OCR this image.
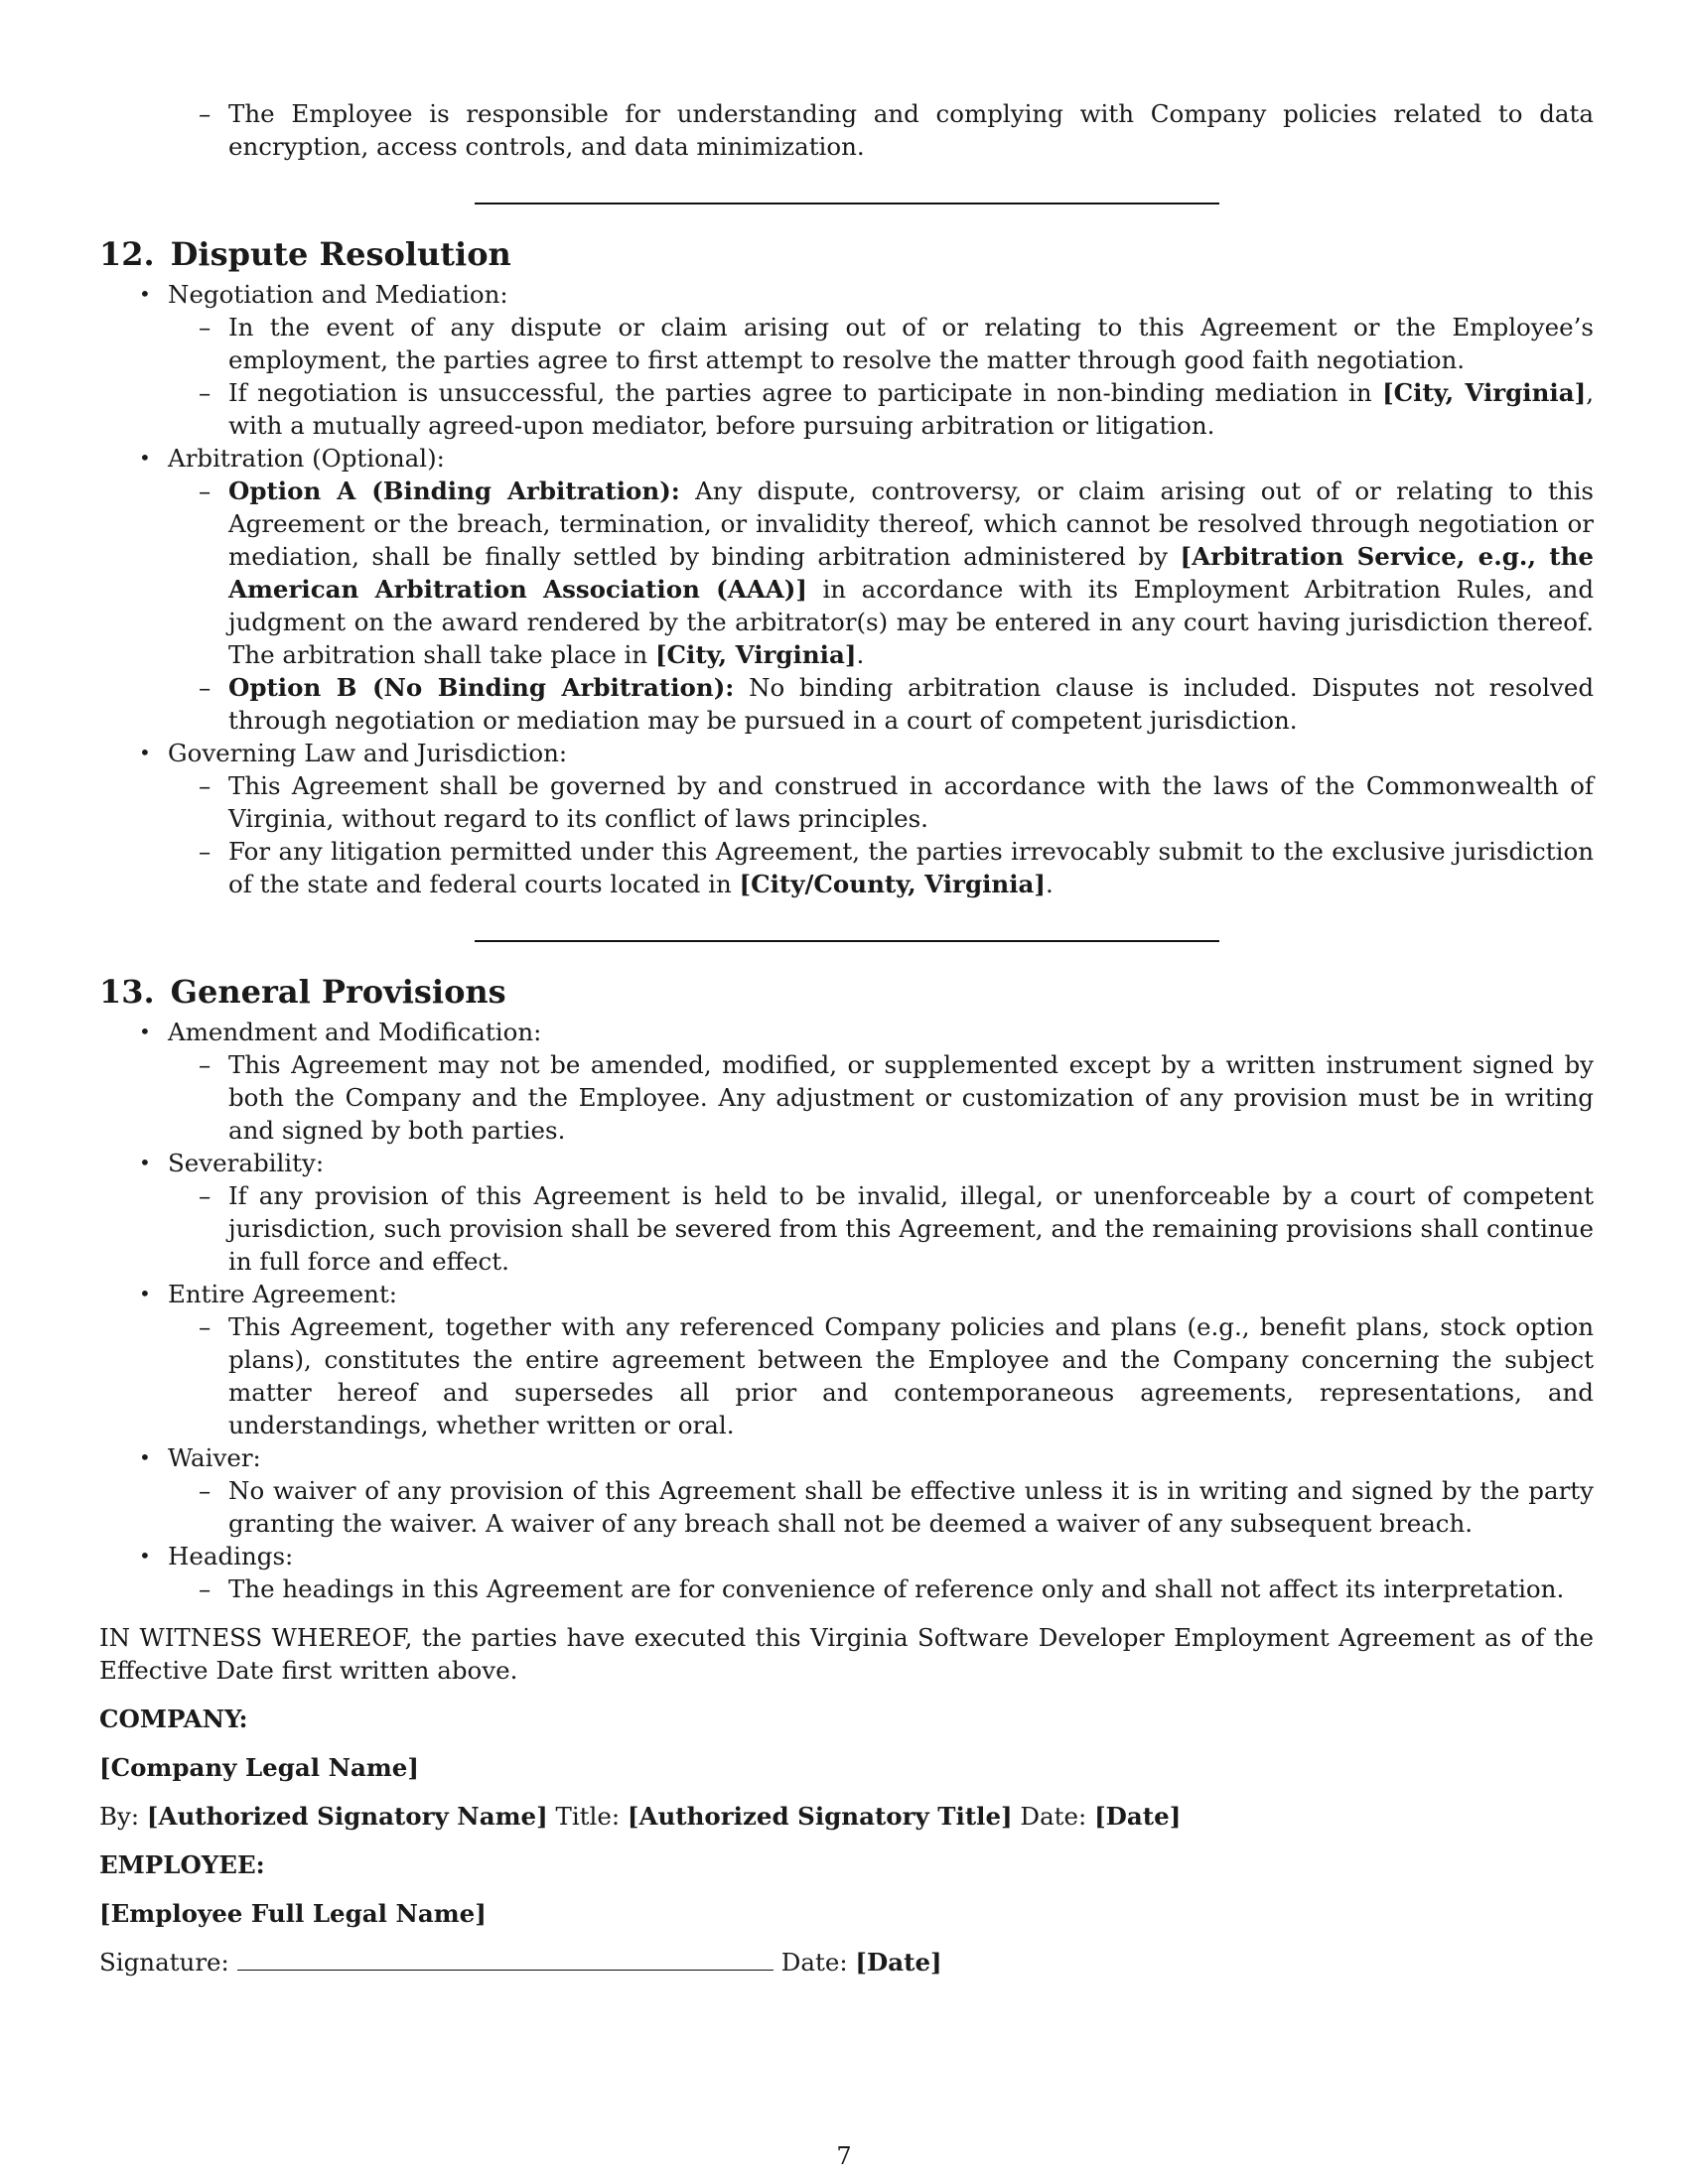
– The Employee is responsible for understanding and complying with Company policies related to data encryption, access controls, and data minimization.
12. Dispute Resolution
• Negotiation and Mediation:
– In the event of any dispute or claim arising out of or relating to this Agreement or the Employee’s employment, the parties agree to first attempt to resolve the matter through good faith negotiation.
– If negotiation is unsuccessful, the parties agree to participate in non-binding mediation in [City, Virginia], with a mutually agreed-upon mediator, before pursuing arbitration or litigation.
• Arbitration (Optional):
– Option A (Binding Arbitration): Any dispute, controversy, or claim arising out of or relating to this Agreement or the breach, termination, or invalidity thereof, which cannot be resolved through negotiation or mediation, shall be finally settled by binding arbitration administered by [Arbitration Service, e.g., the American Arbitration Association (AAA)] in accordance with its Employment Arbitration Rules, and judgment on the award rendered by the arbitrator(s) may be entered in any court having jurisdiction thereof. The arbitration shall take place in [City, Virginia].
– Option B (No Binding Arbitration): No binding arbitration clause is included. Disputes not resolved through negotiation or mediation may be pursued in a court of competent jurisdiction.
• Governing Law and Jurisdiction:
– This Agreement shall be governed by and construed in accordance with the laws of the Commonwealth of Virginia, without regard to its conflict of laws principles.
– For any litigation permitted under this Agreement, the parties irrevocably submit to the exclusive jurisdiction of the state and federal courts located in [City/County, Virginia].
13. General Provisions
• Amendment and Modification:
– This Agreement may not be amended, modified, or supplemented except by a written instrument signed by both the Company and the Employee. Any adjustment or customization of any provision must be in writing and signed by both parties.
• Severability:
– If any provision of this Agreement is held to be invalid, illegal, or unenforceable by a court of competent jurisdiction, such provision shall be severed from this Agreement, and the remaining provisions shall continue in full force and effect.
• Entire Agreement:
– This Agreement, together with any referenced Company policies and plans (e.g., benefit plans, stock option plans), constitutes the entire agreement between the Employee and the Company concerning the subject matter hereof and supersedes all prior and contemporaneous agreements, representations, and understandings, whether written or oral.
• Waiver:
– No waiver of any provision of this Agreement shall be effective unless it is in writing and signed by the party granting the waiver. A waiver of any breach shall not be deemed a waiver of any subsequent breach.
• Headings:
– The headings in this Agreement are for convenience of reference only and shall not affect its interpretation.

IN WITNESS WHEREOF, the parties have executed this Virginia Software Developer Employment Agreement as of the Effective Date first written above.

COMPANY:

[Company Legal Name]

By: [Authorized Signatory Name] Title: [Authorized Signatory Title] Date: [Date]

EMPLOYEE:

[Employee Full Legal Name]

Signature:	Date: [Date]

7
